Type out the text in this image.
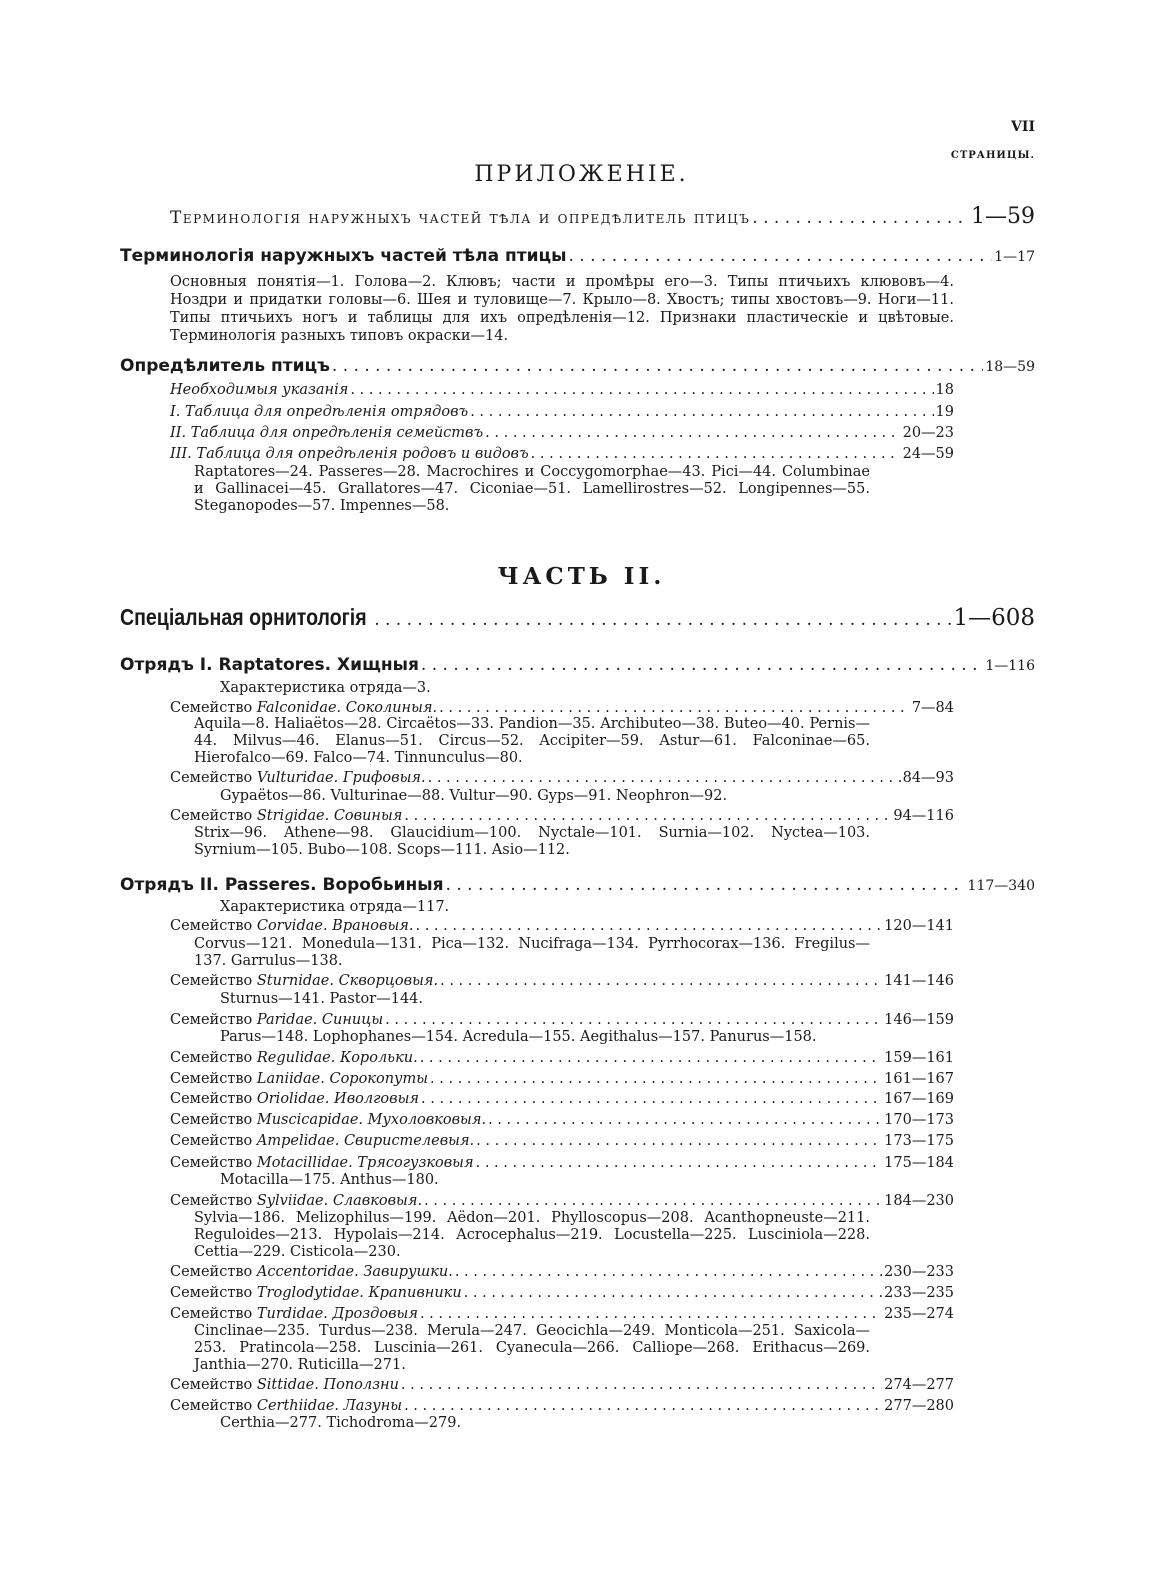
VII
СТРАНИЦЫ.
ПРИЛОЖЕНІЕ.
Терминологія наружныхъ частей тѣла и опредѣлитель птицъ . . .	1—59
Терминологія наружныхъ частей тѣла птицы . . .	1—17
Основныя понятія—1. Голова—2. Клювъ; части и промѣры его—3. Типы птичьихъ клювовъ—4. Ноздри и придатки головы—6. Шея и туловище—7. Крыло—8. Хвостъ; типы хвостовъ—9. Ноги—11. Типы птичьихъ ногъ и таблицы для ихъ опредѣленія—12. Признаки пластическіе и цвѣтовые. Терминологія разныхъ типовъ окраски—14.
Опредѣлитель птицъ . . .	18—59
Необходимыя указанія . . .	18
I. Таблица для опредѣленія отрядовъ . . .	19
II. Таблица для опредѣленія семействъ . . .	20—23
III. Таблица для опредѣленія родовъ и видовъ . . .	24—59
Raptatores—24. Passeres—28. Macrochires и Coccygomorphae—43. Pici—44. Columbinae и Gallinacei—45. Grallatores—47. Ciconiae—51. Lamellirostres—52. Longipennes—55. Steganopodes—57. Impennes—58.
ЧАСТЬ II.
Спеціальная орнитологія . . .	1—608
Отрядъ I. Raptatores. Хищныя . . .	1—116
Характеристика отряда—3.
Семейство Falconidae. Соколиныя. . . .	7—84
Aquila—8. Haliaëtos—28. Circaëtos—33. Pandion—35. Archibuteo—38. Buteo—40. Pernis—44. Milvus—46. Elanus—51. Circus—52. Accipiter—59. Astur—61. Falconinae—65. Hierofalco—69. Falco—74. Tinnunculus—80.
Семейство Vulturidae. Грифовыя. . . .	84—93
Gypaëtos—86. Vulturinae—88. Vultur—90. Gyps—91. Neophron—92.
Семейство Strigidae. Совиныя . . .	94—116
Strix—96. Athene—98. Glaucidium—100. Nyctale—101. Surnia—102. Nyctea—103. Syrnium—105. Bubo—108. Scops—111. Asio—112.
Отрядъ II. Passeres. Воробьиныя . . .	117—340
Характеристика отряда—117.
Семейство Corvidae. Врановыя. . . .	120—141
Corvus—121. Monedula—131. Pica—132. Nucifraga—134. Pyrrhocorax—136. Fregilus—137. Garrulus—138.
Семейство Sturnidae. Скворцовыя. . . .	141—146
Sturnus—141. Pastor—144.
Семейство Paridae. Синицы . . .	146—159
Parus—148. Lophophanes—154. Acredula—155. Aegithalus—157. Panurus—158.
Семейство Regulidae. Корольки. . . .	159—161
Семейство Laniidae. Сорокопуты . . .	161—167
Семейство Oriolidae. Иволговыя . . .	167—169
Семейство Muscicapidae. Мухоловковыя. . . .	170—173
Семейство Ampelidae. Свиристелевыя. . . .	173—175
Семейство Motacillidae. Трясогузковыя . . .	175—184
Motacilla—175. Anthus—180.
Семейство Sylviidae. Славковыя. . . .	184—230
Sylvia—186. Melizophilus—199. Aëdon—201. Phylloscopus—208. Acanthopneuste—211. Reguloides—213. Hypolais—214. Acrocephalus—219. Locustella—225. Lusciniola—228. Cettia—229. Cisticola—230.
Семейство Accentoridae. Завирушки. . . .	230—233
Семейство Troglodytidae. Крапивники . . .	233—235
Семейство Turdidae. Дроздовыя . . .	235—274
Cinclinae—235. Turdus—238. Merula—247. Geocichla—249. Monticola—251. Saxicola—253. Pratincola—258. Luscinia—261. Cyanecula—266. Calliope—268. Erithacus—269. Janthia—270. Ruticilla—271.
Семейство Sittidae. Поползни . . .	274—277
Семейство Certhiidae. Лазуны . . .	277—280
Certhia—277. Tichodroma—279.
